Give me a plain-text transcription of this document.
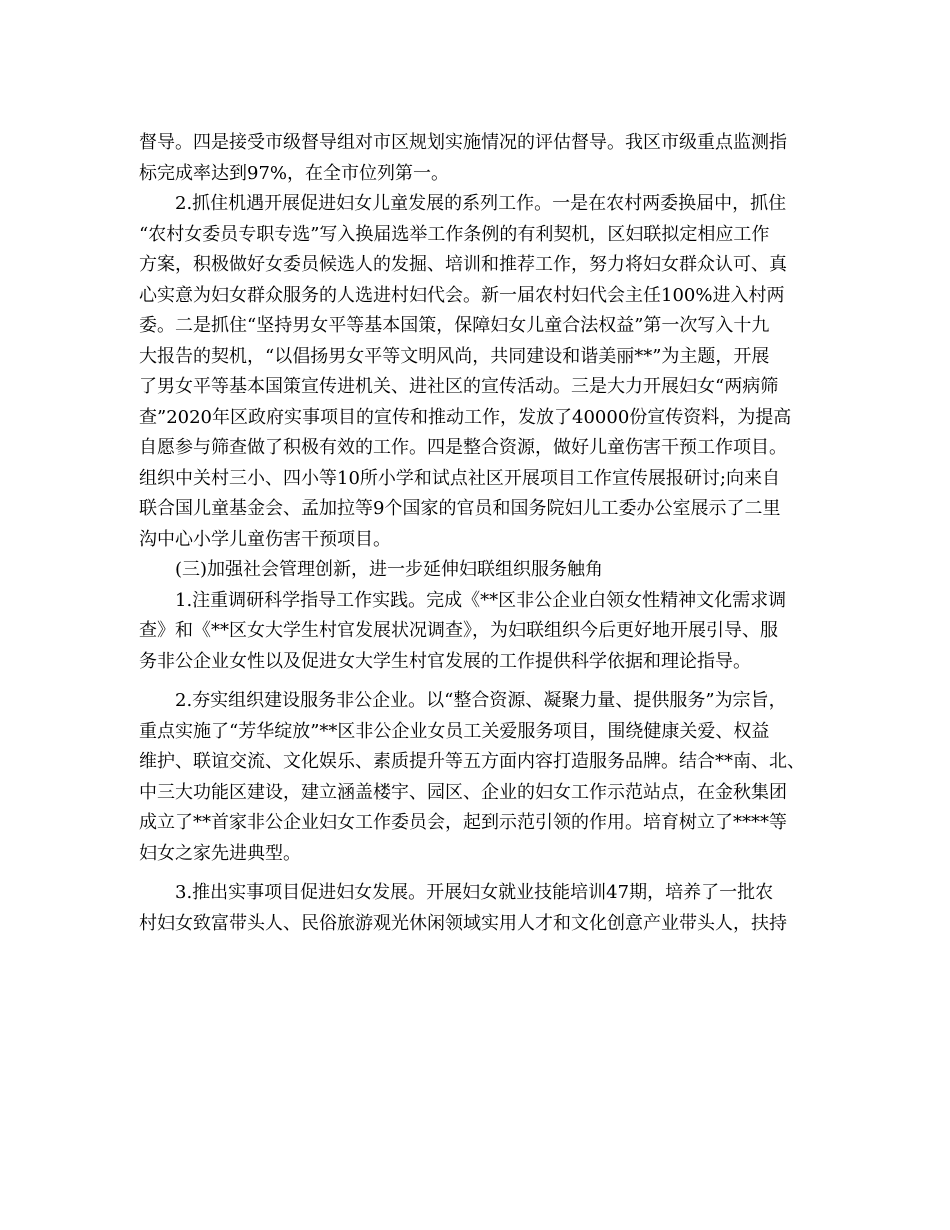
督导。四是接受市级督导组对市区规划实施情况的评估督导。我区市级重点监测指
标完成率达到97%，在全市位列第一。
2.抓住机遇开展促进妇女儿童发展的系列工作。一是在农村两委换届中，抓住
“农村女委员专职专选”写入换届选举工作条例的有利契机，区妇联拟定相应工作
方案，积极做好女委员候选人的发掘、培训和推荐工作，努力将妇女群众认可、真
心实意为妇女群众服务的人选进村妇代会。新一届农村妇代会主任100%进入村两
委。二是抓住“坚持男女平等基本国策，保障妇女儿童合法权益”第一次写入十九
大报告的契机，“以倡扬男女平等文明风尚，共同建设和谐美丽**”为主题，开展
了男女平等基本国策宣传进机关、进社区的宣传活动。三是大力开展妇女“两病筛
查”2020年区政府实事项目的宣传和推动工作，发放了40000份宣传资料，为提高
自愿参与筛查做了积极有效的工作。四是整合资源，做好儿童伤害干预工作项目。
组织中关村三小、四小等10所小学和试点社区开展项目工作宣传展报研讨;向来自
联合国儿童基金会、孟加拉等9个国家的官员和国务院妇儿工委办公室展示了二里
沟中心小学儿童伤害干预项目。
(三)加强社会管理创新，进一步延伸妇联组织服务触角
1.注重调研科学指导工作实践。完成《**区非公企业白领女性精神文化需求调
查》和《**区女大学生村官发展状况调查》，为妇联组织今后更好地开展引导、服
务非公企业女性以及促进女大学生村官发展的工作提供科学依据和理论指导。
2.夯实组织建设服务非公企业。以“整合资源、凝聚力量、提供服务”为宗旨，
重点实施了“芳华绽放”**区非公企业女员工关爱服务项目，围绕健康关爱、权益
维护、联谊交流、文化娱乐、素质提升等五方面内容打造服务品牌。结合**南、北、
中三大功能区建设，建立涵盖楼宇、园区、企业的妇女工作示范站点，在金秋集团
成立了**首家非公企业妇女工作委员会，起到示范引领的作用。培育树立了****等
妇女之家先进典型。
3.推出实事项目促进妇女发展。开展妇女就业技能培训47期，培养了一批农
村妇女致富带头人、民俗旅游观光休闲领域实用人才和文化创意产业带头人，扶持
